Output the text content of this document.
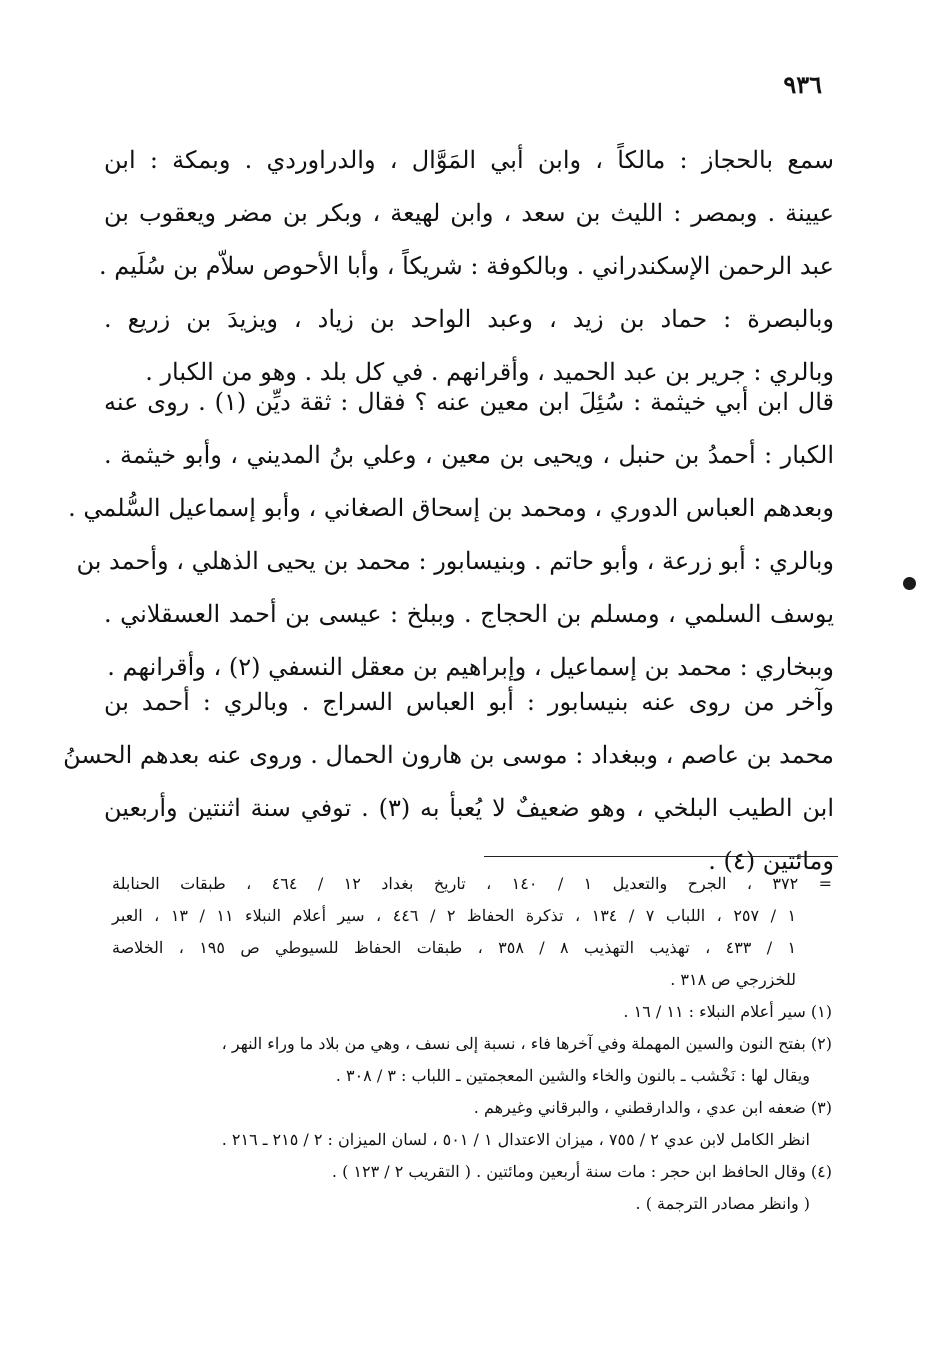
٩٣٦
سمع بالحجاز : مالكاً ، وابن أبي المَوَّال ، والدراوردي . وبمكة : ابن
عيينة . وبمصر : الليث بن سعد ، وابن لهيعة ، وبكر بن مضر ويعقوب بن
عبد الرحمن الإسكندراني . وبالكوفة : شريكاً ، وأبا الأحوص سلاّم بن سُلَيم .
وبالبصرة : حماد بن زيد ، وعبد الواحد بن زياد ، ويزيدَ بن زريع .
وبالري : جرير بن عبد الحميد ، وأقرانهم . في كل بلد . وهو من الكبار .
قال ابن أبي خيثمة : سُئِلَ ابن معين عنه ؟ فقال : ثقة ديِّن (١) . روى عنه
الكبار : أحمدُ بن حنبل ، ويحيى بن معين ، وعلي بنُ المديني ، وأبو خيثمة .
وبعدهم العباس الدوري ، ومحمد بن إسحاق الصغاني ، وأبو إسماعيل السُّلمي .
وبالري : أبو زرعة ، وأبو حاتم . وبنيسابور : محمد بن يحيى الذهلي ، وأحمد بن
يوسف السلمي ، ومسلم بن الحجاج . وببلخ : عيسى بن أحمد العسقلاني .
وببخاري : محمد بن إسماعيل ، وإبراهيم بن معقل النسفي (٢) ، وأقرانهم .
وآخر من روى عنه بنيسابور : أبو العباس السراج . وبالري : أحمد بن
محمد بن عاصم ، وببغداد : موسى بن هارون الحمال . وروى عنه بعدهم الحسنُ
ابن الطيب البلخي ، وهو ضعيفٌ لا يُعبأ به (٣) . توفي سنة اثنتين وأربعين
ومائتين (٤) .
= ٣٧٢ ، الجرح والتعديل ١ / ١٤٠ ، تاريخ بغداد ١٢ / ٤٦٤ ، طبقات الحنابلة
١ / ٢٥٧ ، اللباب ٧ / ١٣٤ ، تذكرة الحفاظ ٢ / ٤٤٦ ، سير أعلام النبلاء ١١ / ١٣ ، العبر
١ / ٤٣٣ ، تهذيب التهذيب ٨ / ٣٥٨ ، طبقات الحفاظ للسيوطي ص ١٩٥ ، الخلاصة
للخزرجي ص ٣١٨ .
(١) سير أعلام النبلاء : ١١ / ١٦ .
(٢) بفتح النون والسين المهملة وفي آخرها فاء ، نسبة إلى نسف ، وهي من بلاد ما وراء النهر ،
ويقال لها : نَخْشب ـ بالنون والخاء والشين المعجمتين ـ اللباب : ٣ / ٣٠٨ .
(٣) ضعفه ابن عدي ، والدارقطني ، والبرقاني وغيرهم .
انظر الكامل لابن عدي ٢ / ٧٥٥ ، ميزان الاعتدال ١ / ٥٠١ ، لسان الميزان : ٢ / ٢١٥ ـ ٢١٦ .
(٤) وقال الحافظ ابن حجر : مات سنة أربعين ومائتين . ( التقريب ٢ / ١٢٣ ) .
( وانظر مصادر الترجمة ) .
